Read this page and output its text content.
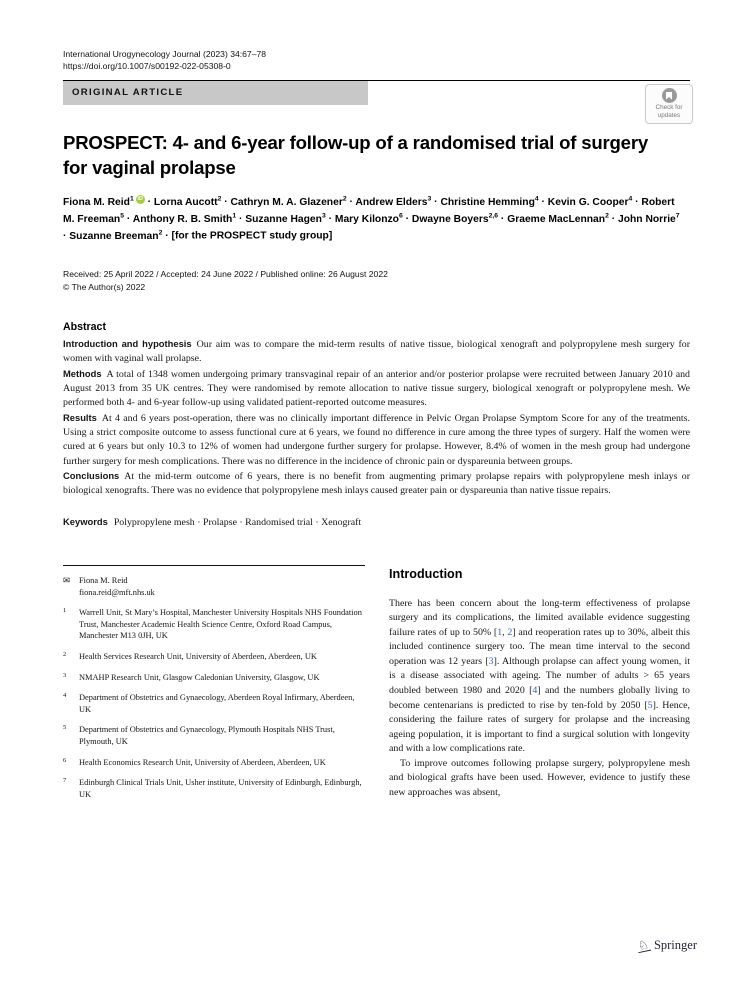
International Urogynecology Journal (2023) 34:67–78
https://doi.org/10.1007/s00192-022-05308-0
ORIGINAL ARTICLE
Check for
updates
PROSPECT: 4- and 6-year follow-up of a randomised trial of surgery for vaginal prolapse
Fiona M. Reid$^1$ iD · Lorna Aucott$^2$ · Cathryn M. A. Glazener$^2$ · Andrew Elders$^3$ · Christine Hemming$^4$ · Kevin G. Cooper$^4$ · Robert M. Freeman$^5$ · Anthony R. B. Smith$^1$ · Suzanne Hagen$^3$ · Mary Kilonzo$^6$ · Dwayne Boyers$^{2,6}$ · Graeme MacLennan$^2$ · John Norrie$^7$ · Suzanne Breeman$^2$ · [for the PROSPECT study group]
Received: 25 April 2022 / Accepted: 24 June 2022 / Published online: 26 August 2022
© The Author(s) 2022
Abstract
Introduction and hypothesis Our aim was to compare the mid-term results of native tissue, biological xenograft and polypropylene mesh surgery for women with vaginal wall prolapse.
Methods A total of 1348 women undergoing primary transvaginal repair of an anterior and/or posterior prolapse were recruited between January 2010 and August 2013 from 35 UK centres. They were randomised by remote allocation to native tissue surgery, biological xenograft or polypropylene mesh. We performed both 4- and 6-year follow-up using validated patient-reported outcome measures.
Results At 4 and 6 years post-operation, there was no clinically important difference in Pelvic Organ Prolapse Symptom Score for any of the treatments. Using a strict composite outcome to assess functional cure at 6 years, we found no difference in cure among the three types of surgery. Half the women were cured at 6 years but only 10.3 to 12% of women had undergone further surgery for prolapse. However, 8.4% of women in the mesh group had undergone further surgery for mesh complications. There was no difference in the incidence of chronic pain or dyspareunia between groups.
Conclusions At the mid-term outcome of 6 years, there is no benefit from augmenting primary prolapse repairs with polypropylene mesh inlays or biological xenografts. There was no evidence that polypropylene mesh inlays caused greater pain or dyspareunia than native tissue repairs.
Keywords Polypropylene mesh · Prolapse · Randomised trial · Xenograft
✉	Fiona M. Reid
fiona.reid@mft.nhs.uk
1	Warrell Unit, St Mary’s Hospital, Manchester University Hospitals NHS Foundation Trust, Manchester Academic Health Science Centre, Oxford Road Campus, Manchester M13 0JH, UK
2	Health Services Research Unit, University of Aberdeen, Aberdeen, UK
3	NMAHP Research Unit, Glasgow Caledonian University, Glasgow, UK
4	Department of Obstetrics and Gynaecology, Aberdeen Royal Infirmary, Aberdeen, UK
5	Department of Obstetrics and Gynaecology, Plymouth Hospitals NHS Trust, Plymouth, UK
6	Health Economics Research Unit, University of Aberdeen, Aberdeen, UK
7	Edinburgh Clinical Trials Unit, Usher institute, University of Edinburgh, Edinburgh, UK
Introduction

There has been concern about the long-term effectiveness of prolapse surgery and its complications, the limited available evidence suggesting failure rates of up to 50% [1, 2] and reoperation rates up to 30%, albeit this included continence surgery too. The mean time interval to the second operation was 12 years [3]. Although prolapse can affect young women, it is a disease associated with ageing. The number of adults > 65 years doubled between 1980 and 2020 [4] and the numbers globally living to become centenarians is predicted to rise by ten-fold by 2050 [5]. Hence, considering the failure rates of surgery for prolapse and the increasing ageing population, it is important to find a surgical solution with longevity and with a low complications rate.

To improve outcomes following prolapse surgery, polypropylene mesh and biological grafts have been used. However, evidence to justify these new approaches was absent,

♘ Springer
